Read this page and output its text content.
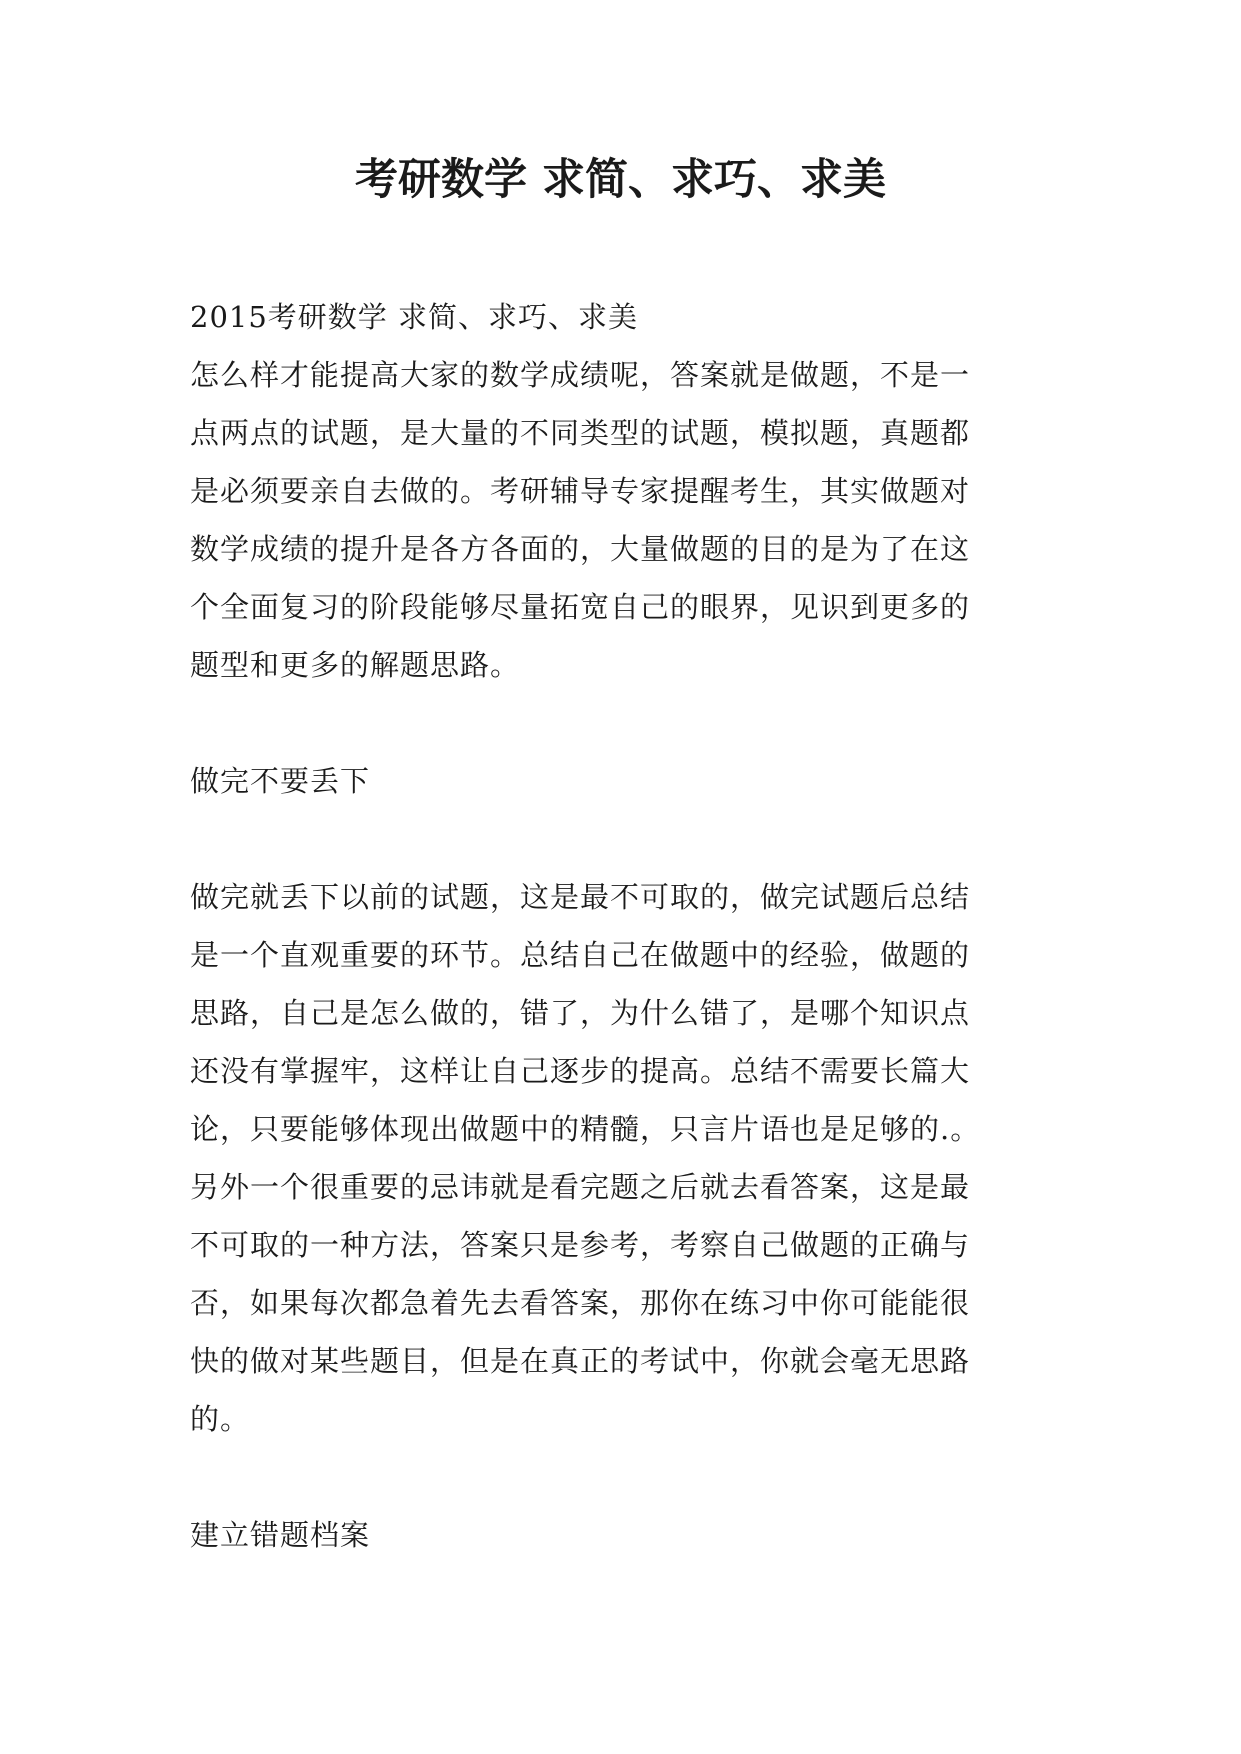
考研数学 求简、求巧、求美

2015考研数学 求简、求巧、求美

怎么样才能提高大家的数学成绩呢，答案就是做题，不是一
点两点的试题，是大量的不同类型的试题，模拟题，真题都
是必须要亲自去做的。考研辅导专家提醒考生，其实做题对
数学成绩的提升是各方各面的，大量做题的目的是为了在这
个全面复习的阶段能够尽量拓宽自己的眼界，见识到更多的
题型和更多的解题思路。

做完不要丢下

做完就丢下以前的试题，这是最不可取的，做完试题后总结
是一个直观重要的环节。总结自己在做题中的经验，做题的
思路，自己是怎么做的，错了，为什么错了，是哪个知识点
还没有掌握牢，这样让自己逐步的提高。总结不需要长篇大
论，只要能够体现出做题中的精髓，只言片语也是足够的.。
另外一个很重要的忌讳就是看完题之后就去看答案，这是最
不可取的一种方法，答案只是参考，考察自己做题的正确与
否，如果每次都急着先去看答案，那你在练习中你可能能很
快的做对某些题目，但是在真正的考试中，你就会毫无思路
的。

建立错题档案
